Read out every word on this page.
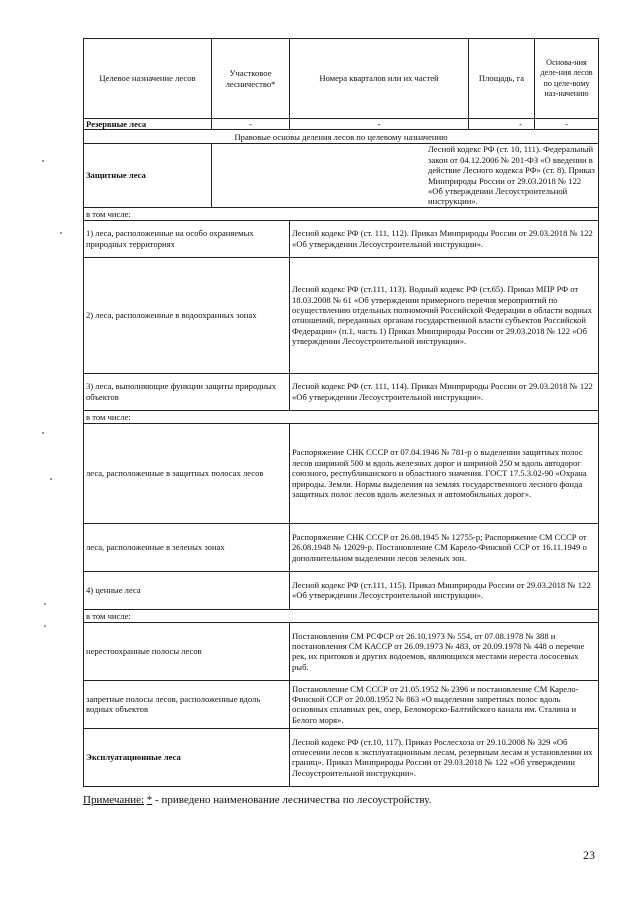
Целевое назначение лесов	Участковое лесничество*	Номера кварталов или их частей	Площадь, га	Основа-ния деле-ния лесов по целе-вому наз-начению
Резервные леса	-	-	-	-
Правовые основы деления лесов по целевому назначению				
Защитные леса	Лесной кодекс РФ (ст. 10, 111). Федеральный закон от 04.12.2006 № 201-ФЗ «О введении в действие Лесного кодекса РФ» (ст. 8). Приказ Минприроды России от 29.03.2018 № 122 «Об утверждении Лесоустроительной инструкции».			
в том числе:				
1) леса, расположенные на особо охраняемых природных территориях		Лесной кодекс РФ (ст. 111, 112). Приказ Минприроды России от 29.03.2018 № 122 «Об утверждении Лесоустроительной инструкции».		
2) леса, расположенные в водоохранных зонах		Лесной кодекс РФ (ст.111, 113). Водный кодекс РФ (ст.65). Приказ МПР РФ от 18.03.2008 № 61 «Об утверждении примерного перечня мероприятий по осуществлению отдельных полномочий Российской Федерации в области водных отношений, переданных органам государственной власти субъектов Российской Федерации» (п.1, часть 1) Приказ Минприроды России от 29.03.2018 № 122 «Об утверждении Лесоустроительной инструкции».		
3) леса, выполняющие функции защиты природных объектов		Лесной кодекс РФ (ст. 111, 114). Приказ Минприроды России от 29.03.2018 № 122 «Об утверждении Лесоустроительной инструкции».		
в том числе:				
леса, расположенные в защитных полосах лесов		Распоряжение СНК СССР от 07.04.1946 № 781-р о выделении защитных полос лесов шириной 500 м вдоль железных дорог и шириной 250 м вдоль автодорог союзного, республиканского и областного значения. ГОСТ 17.5.3.02-90 «Охрана природы. Земли. Нормы выделения на землях государственного лесного фонда защитных полос лесов вдоль железных и автомобильных дорог».		
леса, расположенные в зеленых зонах		Распоряжение СНК СССР от 26.08.1945 № 12755-р; Распоряжение СМ СССР от 26.08.1948 № 12029-р. Постановление СМ Карело-Финской ССР от 16.11.1949 о дополнительном выделении лесов зеленых зон.		
4) ценные леса		Лесной кодекс РФ (ст.111, 115). Приказ Минприроды России от 29.03.2018 № 122 «Об утверждении Лесоустроительной инструкции».		
в том числе:				
нерестоохранные полосы лесов		Постановления СМ РСФСР от 26.10.1973 № 554, от 07.08.1978 № 388 и постановления СМ КАССР от 26.09.1973 № 483, от 20.09.1978 № 448 о перечне рек, их притоков и других водоемов, являющихся местами нереста лососевых рыб.		
запретные полосы лесов, расположенные вдоль водных объектов		Постановление СМ СССР от 21.05.1952 № 2396 и постановление СМ Карело-Финской ССР от 20.08.1952 № 863 «О выделении запретных полос вдоль основных сплавных рек, озер, Беломорско-Балтийского канала им. Сталина и Белого моря».		
Эксплуатационные леса		Лесной кодекс РФ (ст.10, 117). Приказ Рослесхоза от 29.10.2008 № 329 «Об отнесении лесов к эксплуатационным лесам, резервным лесам и установлении их границ». Приказ Минприроды России от 29.03.2018 № 122 «Об утверждении Лесоустроительной инструкции».		
Примечание: * - приведено наименование лесничества по лесоустройству.
23
